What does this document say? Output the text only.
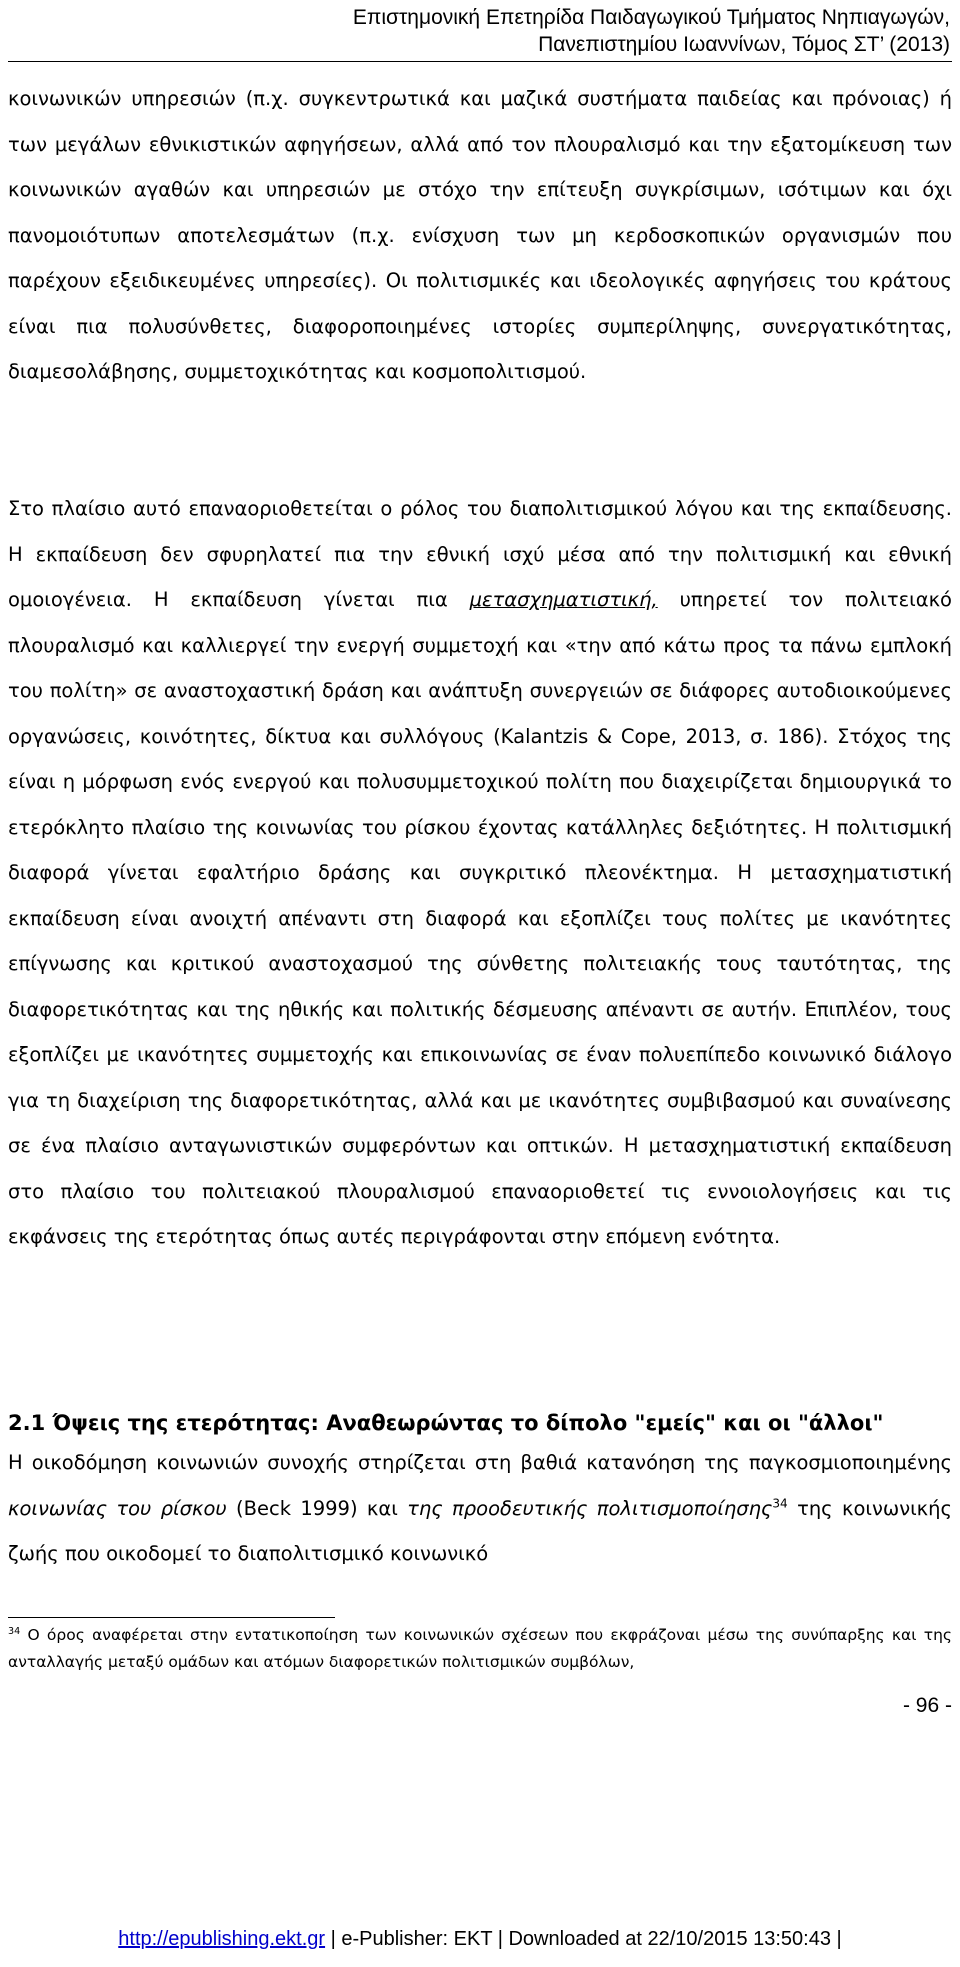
Επιστημονική Επετηρίδα Παιδαγωγικού Τμήματος Νηπιαγωγών,
Πανεπιστημίου Ιωαννίνων, Τόμος ΣΤ’ (2013)
κοινωνικών υπηρεσιών (π.χ. συγκεντρωτικά και μαζικά συστήματα παιδείας και πρόνοιας) ή των μεγάλων εθνικιστικών αφηγήσεων, αλλά από τον πλουραλισμό και την εξατομίκευση των κοινωνικών αγαθών και υπηρεσιών με στόχο την επίτευξη συγκρίσιμων, ισότιμων και όχι πανομοιότυπων αποτελεσμάτων (π.χ. ενίσχυση των μη κερδοσκοπικών οργανισμών που παρέχουν εξειδικευμένες υπηρεσίες). Οι πολιτισμικές και ιδεολογικές αφηγήσεις του κράτους είναι πια πολυσύνθετες, διαφοροποιημένες ιστορίες συμπερίληψης, συνεργατικότητας, διαμεσολάβησης, συμμετοχικότητας και κοσμοπολιτισμού.
Στο πλαίσιο αυτό επαναοριοθετείται ο ρόλος του διαπολιτισμικού λόγου και της εκπαίδευσης. Η εκπαίδευση δεν σφυρηλατεί πια την εθνική ισχύ μέσα από την πολιτισμική και εθνική ομοιογένεια. Η εκπαίδευση γίνεται πια μετασχηματιστική, υπηρετεί τον πολιτειακό πλουραλισμό και καλλιεργεί την ενεργή συμμετοχή και «την από κάτω προς τα πάνω εμπλοκή του πολίτη» σε αναστοχαστική δράση και ανάπτυξη συνεργειών σε διάφορες αυτοδιοικούμενες οργανώσεις, κοινότητες, δίκτυα και συλλόγους (Kalantzis & Cope, 2013, σ. 186). Στόχος της είναι η μόρφωση ενός ενεργού και πολυσυμμετοχικού πολίτη που διαχειρίζεται δημιουργικά το ετερόκλητο πλαίσιο της κοινωνίας του ρίσκου έχοντας κατάλληλες δεξιότητες. Η πολιτισμική διαφορά γίνεται εφαλτήριο δράσης και συγκριτικό πλεονέκτημα. Η μετασχηματιστική εκπαίδευση είναι ανοιχτή απέναντι στη διαφορά και εξοπλίζει τους πολίτες με ικανότητες επίγνωσης και κριτικού αναστοχασμού της σύνθετης πολιτειακής τους ταυτότητας, της διαφορετικότητας και της ηθικής και πολιτικής δέσμευσης απέναντι σε αυτήν. Επιπλέον, τους εξοπλίζει με ικανότητες συμμετοχής και επικοινωνίας σε έναν πολυεπίπεδο κοινωνικό διάλογο για τη διαχείριση της διαφορετικότητας, αλλά και με ικανότητες συμβιβασμού και συναίνεσης σε ένα πλαίσιο ανταγωνιστικών συμφερόντων και οπτικών. Η μετασχηματιστική εκπαίδευση στο πλαίσιο του πολιτειακού πλουραλισμού επαναοριοθετεί τις εννοιολογήσεις και τις εκφάνσεις της ετερότητας όπως αυτές περιγράφονται στην επόμενη ενότητα.
2.1 Όψεις της ετερότητας: Αναθεωρώντας το δίπολο "εμείς" και οι "άλλοι"
Η οικοδόμηση κοινωνιών συνοχής στηρίζεται στη βαθιά κατανόηση της παγκοσμιοποιημένης κοινωνίας του ρίσκου (Beck 1999) και της προοδευτικής πολιτισμοποίησης$^{34}$ της κοινωνικής ζωής που οικοδομεί το διαπολιτισμικό κοινωνικό
$^{34}$ Ο όρος αναφέρεται στην εντατικοποίηση των κοινωνικών σχέσεων που εκφράζοναι μέσω της συνύπαρξης και της ανταλλαγής μεταξύ ομάδων και ατόμων διαφορετικών πολιτισμικών συμβόλων,
- 96 -
http://epublishing.ekt.gr | e-Publisher: EKT | Downloaded at 22/10/2015 13:50:43 |
